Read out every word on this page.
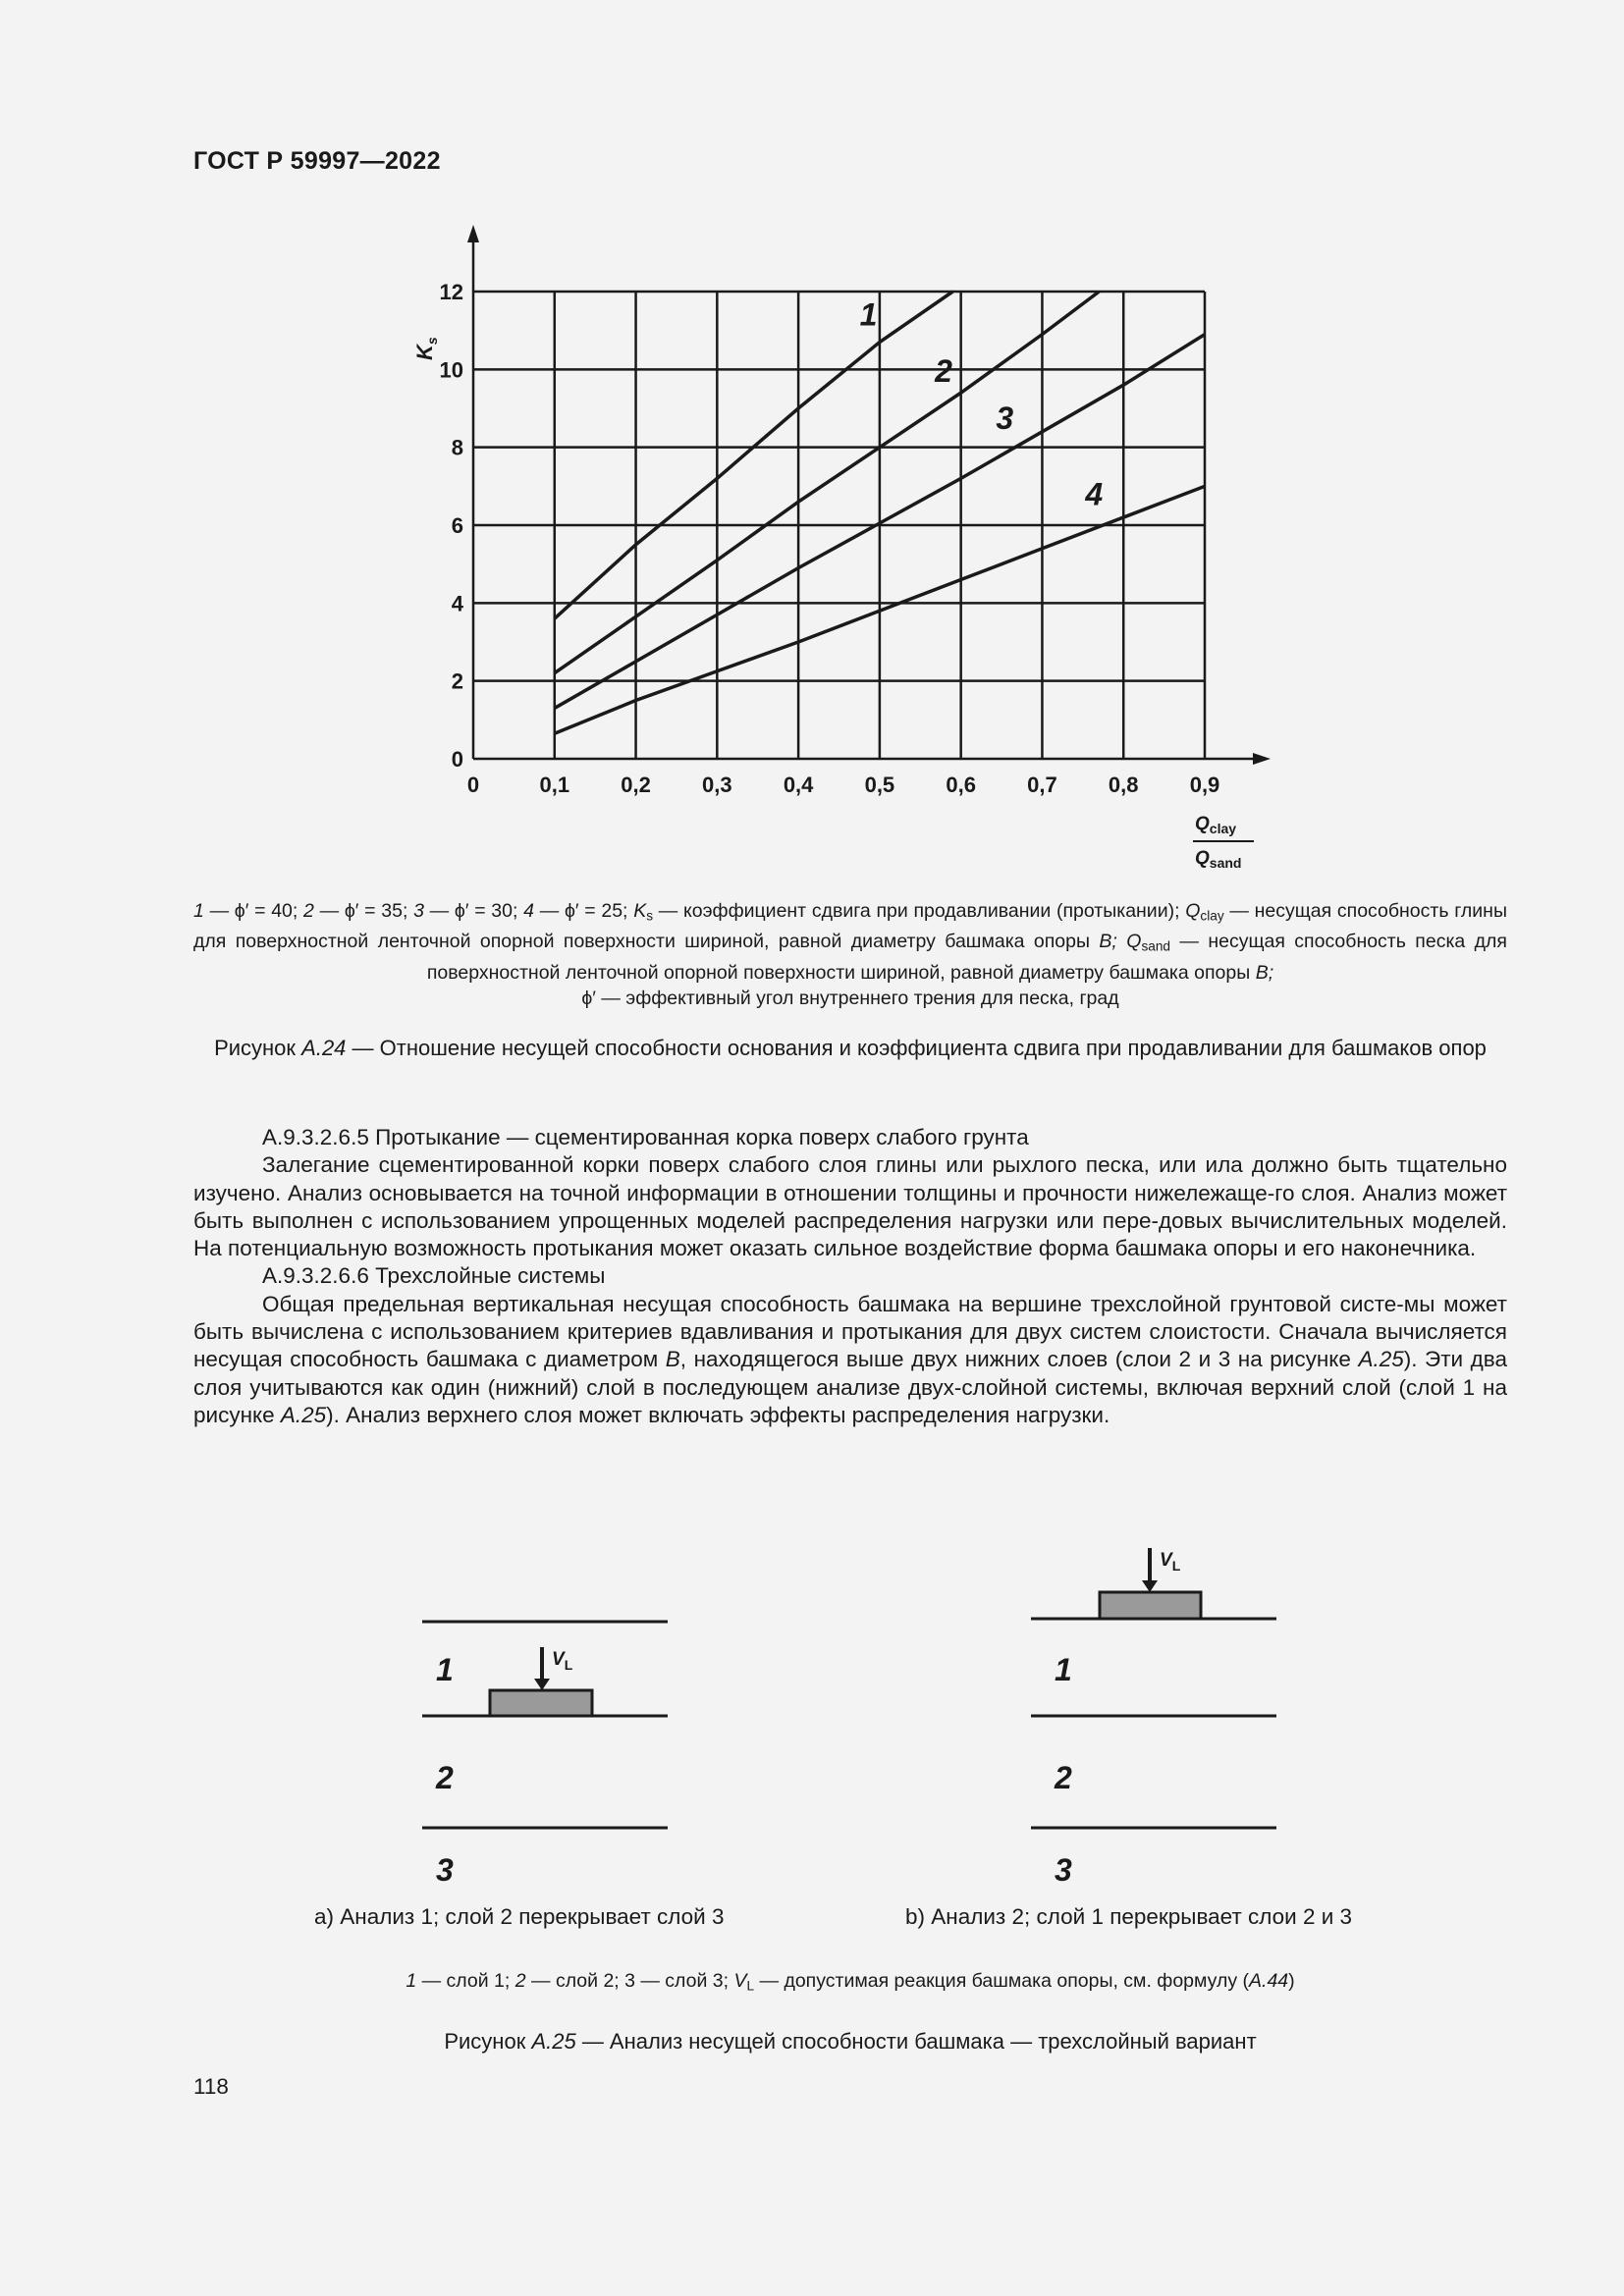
ГОСТ Р 59997—2022
0	0,1 0,2 0,3 0,4 0,5 0,6 0,7 0,8 0,9
0
2
4
6
8
10
12
1
2
3
4
$K_s$
$Q_{clay}$
$Q_{sand}$
1 — ϕ′ = 40; 2 — ϕ′ = 35; 3 — ϕ′ = 30; 4 — ϕ′ = 25; $K_s$ — коэффициент сдвига при продавливании (протыкании); $Q_{clay}$ — несущая способность глины для поверхностной ленточной опорной поверхности шириной, равной диаметру башмака опоры B; $Q_{sand}$ — несущая способность песка для поверхностной ленточной опорной поверхности шириной, равной диаметру башмака опоры B;
ϕ′ — эффективный угол внутреннего трения для песка, град
Рисунок A.24 — Отношение несущей способности основания и коэффициента сдвига при продавливании для башмаков опор

А.9.3.2.6.5 Протыкание — сцементированная корка поверх слабого грунта

Залегание сцементированной корки поверх слабого слоя глины или рыхлого песка, или ила должно быть тщательно изучено. Анализ основывается на точной информации в отношении толщины и прочности нижележаще-го слоя. Анализ может быть выполнен с использованием упрощенных моделей распределения нагрузки или пере-довых вычислительных моделей. На потенциальную возможность протыкания может оказать сильное воздействие форма башмака опоры и его наконечника.

А.9.3.2.6.6 Трехслойные системы

Общая предельная вертикальная несущая способность башмака на вершине трехслойной грунтовой систе-мы может быть вычислена с использованием критериев вдавливания и протыкания для двух систем слоистости. Сначала вычисляется несущая способность башмака с диаметром B, находящегося выше двух нижних слоев (слои 2 и 3 на рисунке A.25). Эти два слоя учитываются как один (нижний) слой в последующем анализе двух-слойной системы, включая верхний слой (слой 1 на рисунке A.25). Анализ верхнего слоя может включать эффекты распределения нагрузки.

1	$V_L$
2
3
$V_L$
1
2
3
а) Анализ 1; слой 2 перекрывает слой 3	b) Анализ 2; слой 1 перекрывает слои 2 и 3
1 — слой 1; 2 — слой 2; 3 — слой 3; $V_L$ — допустимая реакция башмака опоры, см. формулу (A.44)
Рисунок A.25 — Анализ несущей способности башмака — трехслойный вариант
118
